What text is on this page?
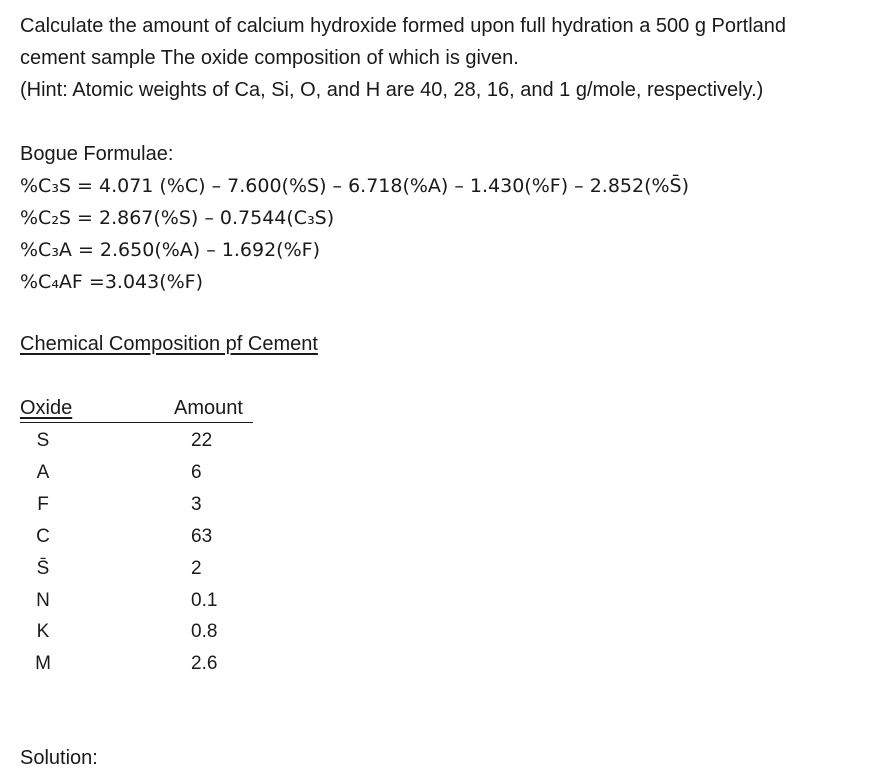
Calculate the amount of calcium hydroxide formed upon full hydration a 500 g Portland
cement sample The oxide composition of which is given.
(Hint: Atomic weights of Ca, Si, O, and H are 40, 28, 16, and 1 g/mole, respectively.)
Bogue Formulae:
%C₃S = 4.071 (%C) – 7.600(%S) – 6.718(%A) – 1.430(%F) – 2.852(%S̄)
%C₂S = 2.867(%S) – 0.7544(C₃S)
%C₃A = 2.650(%A) – 1.692(%F)
%C₄AF =3.043(%F)
Chemical Composition pf Cement
Oxide	Amount
S	22
A	6
F	3
C	63
S̄	2
N	0.1
K	0.8
M	2.6
Solution:
